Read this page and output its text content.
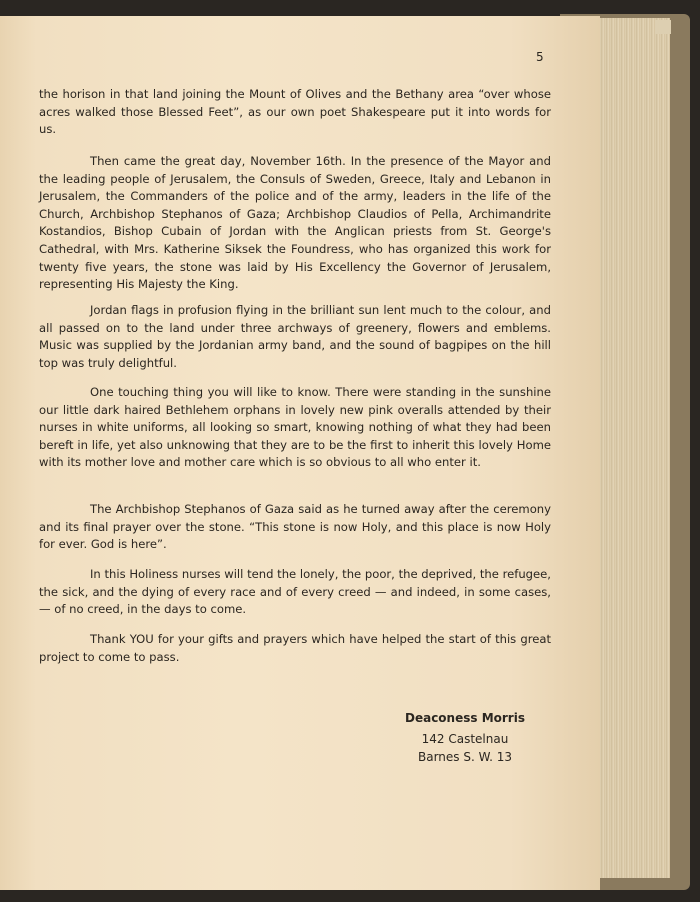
5

the horison in that land joining the Mount of Olives and the Bethany area “over whose acres walked those Blessed Feet”, as our own poet Shakespeare put it into words for us.

Then came the great day, November 16th. In the presence of the Mayor and the leading people of Jerusalem, the Consuls of Sweden, Greece, Italy and Lebanon in Jerusalem, the Commanders of the police and of the army, leaders in the life of the Church, Archbishop Stephanos of Gaza; Archbishop Claudios of Pella, Archimandrite Kostandios, Bishop Cubain of Jordan with the Anglican priests from St. George's Cathedral, with Mrs. Katherine Siksek the Foundress, who has organized this work for twenty five years, the stone was laid by His Excellency the Governor of Jerusalem, representing His Majesty the King.

Jordan flags in profusion flying in the brilliant sun lent much to the colour, and all passed on to the land under three archways of greenery, flowers and emblems. Music was supplied by the Jordanian army band, and the sound of bagpipes on the hill top was truly delightful.

One touching thing you will like to know. There were standing in the sunshine our little dark haired Bethlehem orphans in lovely new pink overalls attended by their nurses in white uniforms, all looking so smart, knowing nothing of what they had been bereft in life, yet also unknowing that they are to be the first to inherit this lovely Home with its mother love and mother care which is so obvious to all who enter it.

The Archbishop Stephanos of Gaza said as he turned away after the ceremony and its final prayer over the stone. “This stone is now Holy, and this place is now Holy for ever. God is here”.

In this Holiness nurses will tend the lonely, the poor, the deprived, the refugee, the sick, and the dying of every race and of every creed — and indeed, in some cases, — of no creed, in the days to come.

Thank YOU for your gifts and prayers which have helped the start of this great project to come to pass.

Deaconess Morris

142 Castelnau

Barnes S. W. 13
